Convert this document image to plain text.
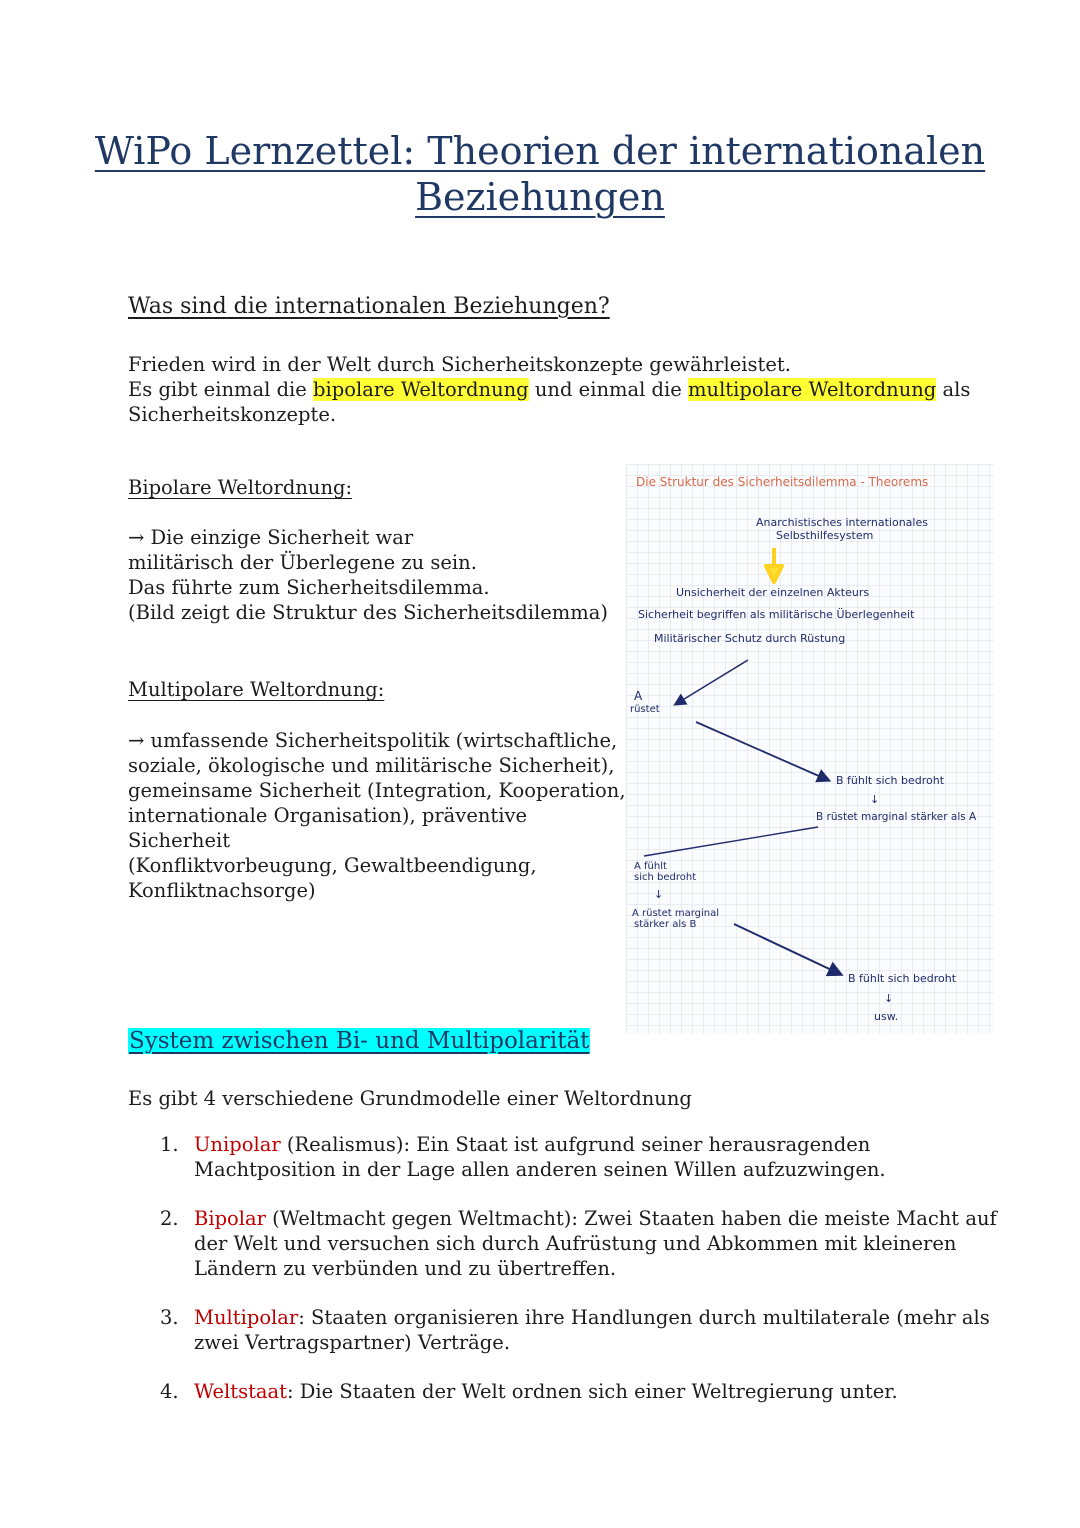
WiPo Lernzettel: Theorien der internationalen
Beziehungen
Was sind die internationalen Beziehungen?
Frieden wird in der Welt durch Sicherheitskonzepte gewährleistet.
Es gibt einmal die bipolare Weltordnung und einmal die multipolare Weltordnung als
Sicherheitskonzepte.
Bipolare Weltordnung:
→ Die einzige Sicherheit war
militärisch der Überlegene zu sein.
Das führte zum Sicherheitsdilemma.
(Bild zeigt die Struktur des Sicherheitsdilemma)
Multipolare Weltordnung:
→ umfassende Sicherheitspolitik (wirtschaftliche,
soziale, ökologische und militärische Sicherheit),
gemeinsame Sicherheit (Integration, Kooperation,
internationale Organisation), präventive Sicherheit
(Konfliktvorbeugung, Gewaltbeendigung,
Konfliktnachsorge)
Die Struktur des Sicherheitsdilemma - Theorems
Anarchistisches internationales
Selbsthilfesystem
Unsicherheit der einzelnen Akteurs
Sicherheit begriffen als militärische Überlegenheit
Militärischer Schutz durch Rüstung
A
rüstet
B fühlt sich bedroht
↓
B rüstet marginal stärker als A
A fühlt
sich bedroht
↓
A rüstet marginal
stärker als B
B fühlt sich bedroht
↓
usw.
System zwischen Bi- und Multipolarität
Es gibt 4 verschiedene Grundmodelle einer Weltordnung
1. Unipolar (Realismus): Ein Staat ist aufgrund seiner herausragenden Machtposition in der Lage allen anderen seinen Willen aufzuzwingen.
2. Bipolar (Weltmacht gegen Weltmacht): Zwei Staaten haben die meiste Macht auf der Welt und versuchen sich durch Aufrüstung und Abkommen mit kleineren Ländern zu verbünden und zu übertreffen.
3. Multipolar: Staaten organisieren ihre Handlungen durch multilaterale (mehr als zwei Vertragspartner) Verträge.
4. Weltstaat: Die Staaten der Welt ordnen sich einer Weltregierung unter.
